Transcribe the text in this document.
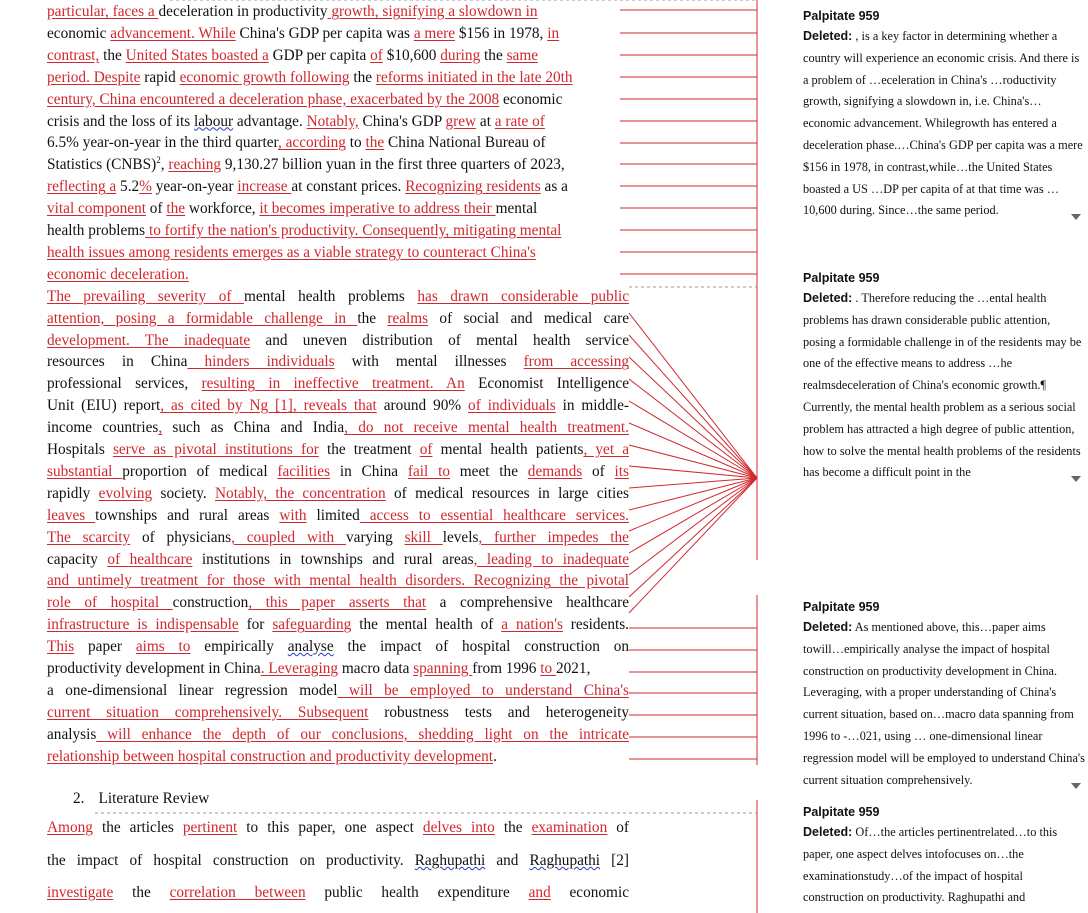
particular, faces a deceleration in productivity growth, signifying a slowdown in
economic advancement. While China's GDP per capita was a mere $156 in 1978, in
contrast, the United States boasted a GDP per capita of $10,600 during the same
period. Despite rapid economic growth following the reforms initiated in the late 20th
century, China encountered a deceleration phase, exacerbated by the 2008 economic
crisis and the loss of its labour advantage. Notably, China's GDP grew at a rate of
6.5% year-on-year in the third quarter, according to the China National Bureau of
Statistics (CNBS)$^2$, reaching 9,130.27 billion yuan in the first three quarters of 2023,
reflecting a 5.2% year-on-year increase at constant prices. Recognizing residents as a
vital component of the workforce, it becomes imperative to address their mental
health problems to fortify the nation's productivity. Consequently, mitigating mental
health issues among residents emerges as a viable strategy to counteract China's
economic deceleration.
The prevailing severity of mental health problems has drawn considerable public
attention, posing a formidable challenge in the realms of social and medical care
development. The inadequate and uneven distribution of mental health service
resources in China hinders individuals with mental illnesses from accessing
professional services, resulting in ineffective treatment. An Economist Intelligence
Unit (EIU) report, as cited by Ng [1], reveals that around 90% of individuals in middle-
income countries, such as China and India, do not receive mental health treatment.
Hospitals serve as pivotal institutions for the treatment of mental health patients, yet a
substantial proportion of medical facilities in China fail to meet the demands of its
rapidly evolving society. Notably, the concentration of medical resources in large cities
leaves townships and rural areas with limited access to essential healthcare services.
The scarcity of physicians, coupled with varying skill levels, further impedes the
capacity of healthcare institutions in townships and rural areas, leading to inadequate
and untimely treatment for those with mental health disorders. Recognizing the pivotal
role of hospital construction, this paper asserts that a comprehensive healthcare
infrastructure is indispensable for safeguarding the mental health of a nation's residents.
This paper aims to empirically analyse the impact of hospital construction on
productivity development in China. Leveraging macro data spanning from 1996 to 2021,
a one-dimensional linear regression model will be employed to understand China's
current situation comprehensively. Subsequent robustness tests and heterogeneity
analysis will enhance the depth of our conclusions, shedding light on the intricate
relationship between hospital construction and productivity development.
Among the articles pertinent to this paper, one aspect delves into the examination of
the impact of hospital construction on productivity. Raghupathi and Raghupathi [2]
investigate the correlation between public health expenditure and economic
2. Literature Review
Palpitate 959
Deleted: , is a key factor in determining whether a country will experience an economic crisis. And there is a problem of …eceleration in China's …roductivity growth, signifying a slowdown in, i.e. China's…economic advancement. Whilegrowth has entered a deceleration phase.…China's GDP per capita was a mere $156 in 1978, in contrast,while…the United States boasted a US …DP per capita of at that time was …10,600 during. Since…the same period.
Palpitate 959
Deleted: . Therefore reducing the …ental health problems has drawn considerable public attention, posing a formidable challenge in of the residents may be one of the effective means to address …he realmsdeceleration of China's economic growth.¶ Currently, the mental health problem as a serious social problem has attracted a high degree of public attention, how to solve the mental health problems of the residents has become a difficult point in the
Palpitate 959
Deleted: As mentioned above, this…paper aims towill…empirically analyse the impact of hospital construction on productivity development in China. Leveraging, with a proper understanding of China's current situation, based on…macro data spanning from 1996 to -…021, using … one-dimensional linear regression model will be employed to understand China's current situation comprehensively.
Palpitate 959
Deleted: Of…the articles pertinentrelated…to this paper, one aspect delves intofocuses on…the examinationstudy…of the impact of hospital construction on productivity. Raghupathi and
